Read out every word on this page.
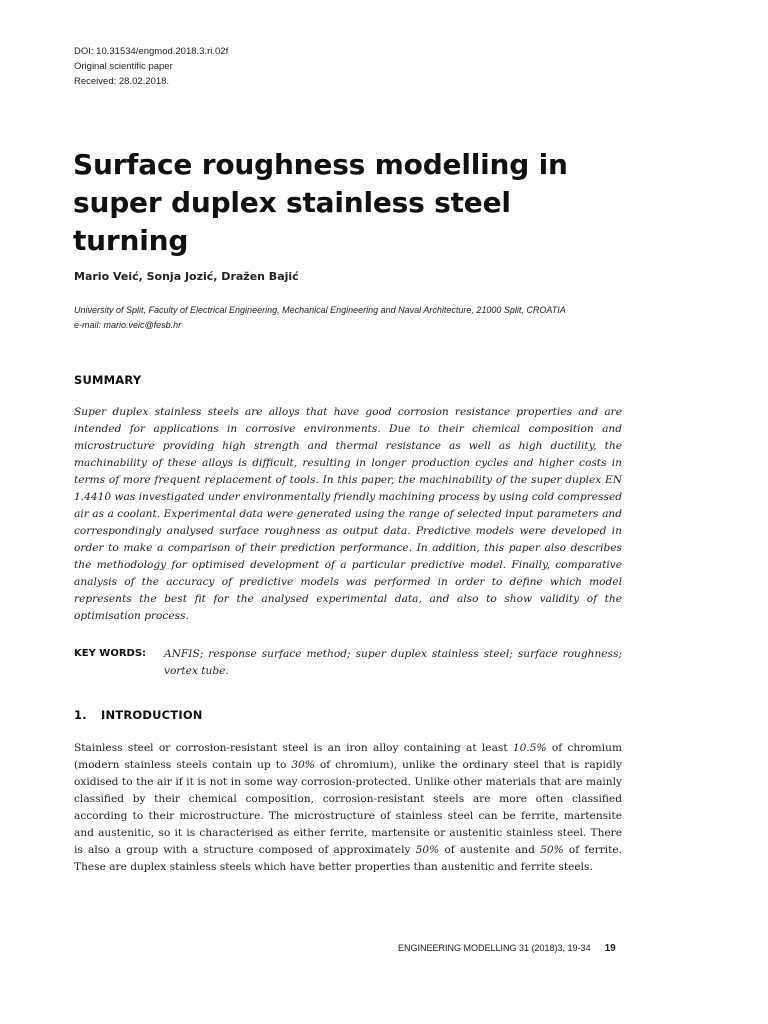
DOI: 10.31534/engmod.2018.3.ri.02f
Original scientific paper
Received: 28.02.2018.
Surface roughness modelling in super duplex stainless steel turning
Mario Veić, Sonja Jozić, Dražen Bajić
University of Split, Faculty of Electrical Engineering, Mechanical Engineering and Naval Architecture, 21000 Split, CROATIA
e-mail: mario.veic@fesb.hr
SUMMARY

Super duplex stainless steels are alloys that have good corrosion resistance properties and are intended for applications in corrosive environments. Due to their chemical composition and microstructure providing high strength and thermal resistance as well as high ductility, the machinability of these alloys is difficult, resulting in longer production cycles and higher costs in terms of more frequent replacement of tools. In this paper, the machinability of the super duplex EN 1.4410 was investigated under environmentally friendly machining process by using cold compressed air as a coolant. Experimental data were generated using the range of selected input parameters and correspondingly analysed surface roughness as output data. Predictive models were developed in order to make a comparison of their prediction performance. In addition, this paper also describes the methodology for optimised development of a particular predictive model. Finally, comparative analysis of the accuracy of predictive models was performed in order to define which model represents the best fit for the analysed experimental data, and also to show validity of the optimisation process.

KEY WORDS: ANFIS; response surface method; super duplex stainless steel; surface roughness; vortex tube.
1. INTRODUCTION

Stainless steel or corrosion-resistant steel is an iron alloy containing at least 10.5% of chromium (modern stainless steels contain up to 30% of chromium), unlike the ordinary steel that is rapidly oxidised to the air if it is not in some way corrosion-protected. Unlike other materials that are mainly classified by their chemical composition, corrosion-resistant steels are more often classified according to their microstructure. The microstructure of stainless steel can be ferrite, martensite and austenitic, so it is characterised as either ferrite, martensite or austenitic stainless steel. There is also a group with a structure composed of approximately 50% of austenite and 50% of ferrite. These are duplex stainless steels which have better properties than austenitic and ferrite steels.

ENGINEERING MODELLING 31 (2018)3, 19-34 19
